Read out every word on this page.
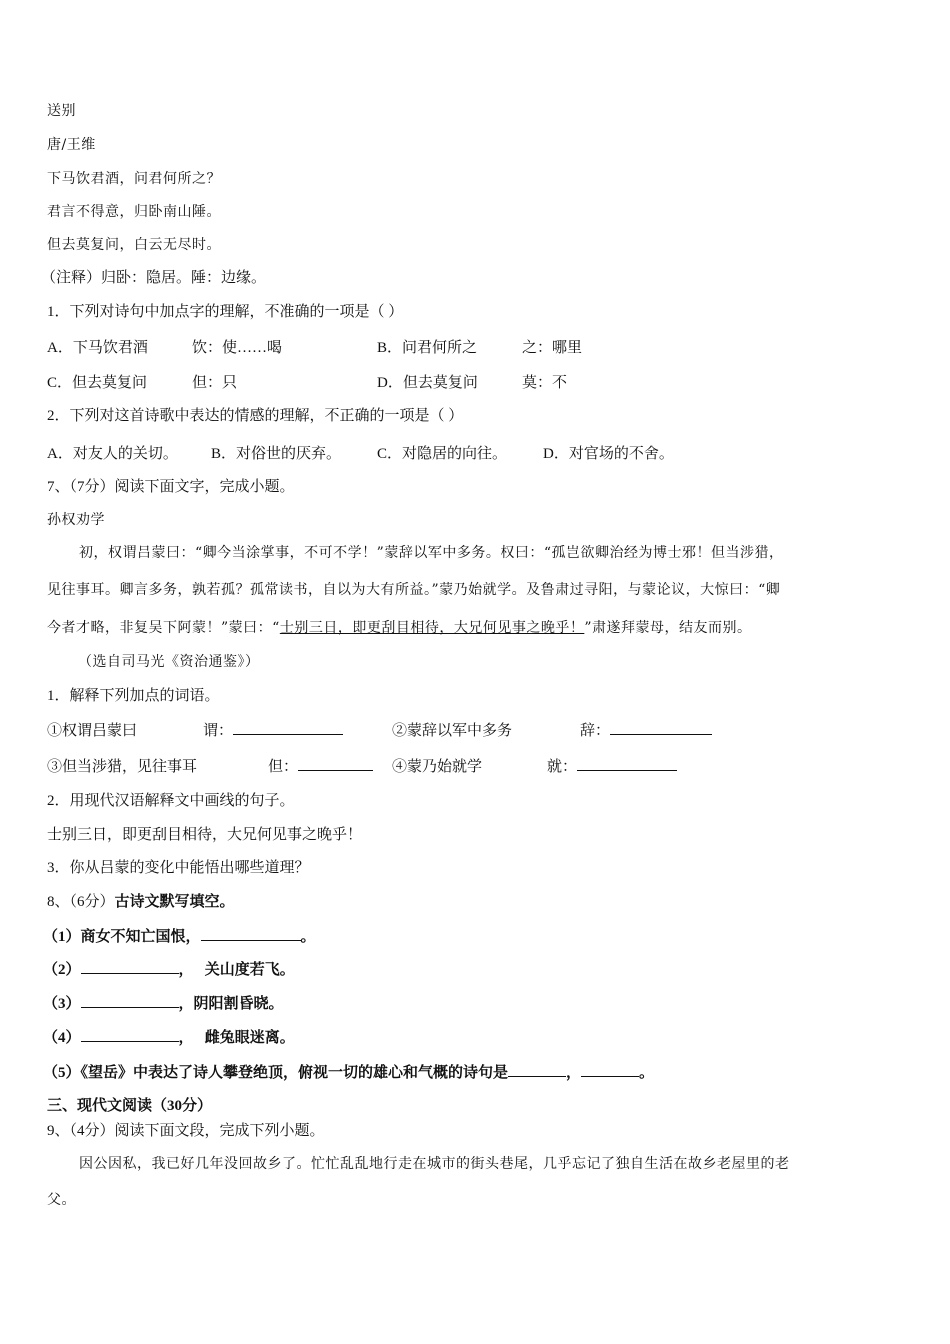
送别
唐/王维
下马饮君酒，问君何所之？
君言不得意，归卧南山陲。
但去莫复问，白云无尽时。
（注释）归卧：隐居。陲：边缘。
1．下列对诗句中加点字的理解，不准确的一项是（ ）
A．下马饮君酒	饮：使……喝	B．问君何所之	之：哪里
C．但去莫复问	但：只	D．但去莫复问	莫：不
2．下列对这首诗歌中表达的情感的理解，不正确的一项是（ ）
A．对友人的关切。 B．对俗世的厌弃。 C．对隐居的向往。 D．对官场的不舍。
7、（7分）阅读下面文字，完成小题。
孙权劝学
初，权谓吕蒙曰：“卿今当涂掌事，不可不学！”蒙辞以军中多务。权曰：“孤岂欲卿治经为博士邪！但当涉猎，
见往事耳。卿言多务，孰若孤？孤常读书，自以为大有所益。”蒙乃始就学。及鲁肃过寻阳，与蒙论议，大惊曰：“卿
今者才略，非复吴下阿蒙！”蒙曰：“士别三日，即更刮目相待，大兄何见事之晚乎！”肃遂拜蒙母，结友而别。
（选自司马光《资治通鉴》）
1．解释下列加点的词语。
①权谓吕蒙曰	谓：	②蒙辞以军中多务	辞：
③但当涉猎，见往事耳	但：	④蒙乃始就学	就：
2．用现代汉语解释文中画线的句子。
士别三日，即更刮目相待，大兄何见事之晚乎！
3．你从吕蒙的变化中能悟出哪些道理？
8、（6分）古诗文默写填空。
（1）商女不知亡国恨，	。
（2）	，   关山度若飞。
（3）	，阴阳割昏晓。
（4）	，   雌兔眼迷离。
（5）《望岳》中表达了诗人攀登绝顶，俯视一切的雄心和气概的诗句是	，	。
三、现代文阅读（30分）
9、（4分）阅读下面文段，完成下列小题。
因公因私，我已好几年没回故乡了。忙忙乱乱地行走在城市的街头巷尾，几乎忘记了独自生活在故乡老屋里的老
父。
